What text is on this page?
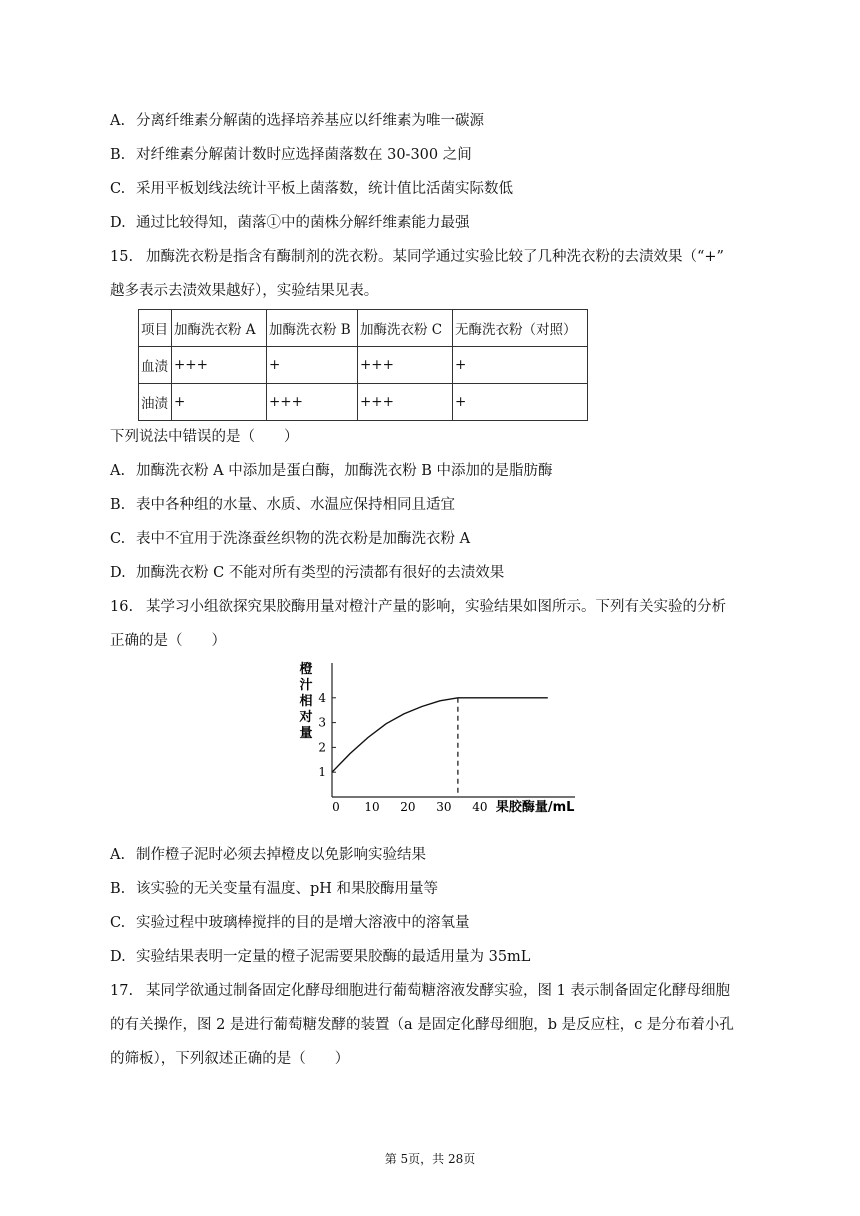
A. 分离纤维素分解菌的选择培养基应以纤维素为唯一碳源
B. 对纤维素分解菌计数时应选择菌落数在 30-300 之间
C. 采用平板划线法统计平板上菌落数，统计值比活菌实际数低
D. 通过比较得知，菌落①中的菌株分解纤维素能力最强
15. 加酶洗衣粉是指含有酶制剂的洗衣粉。某同学通过实验比较了几种洗衣粉的去渍效果（“+”
越多表示去渍效果越好），实验结果见表。
项目	加酶洗衣粉 A	加酶洗衣粉 B	加酶洗衣粉 C	无酶洗衣粉（对照）
血渍	+++	+	+++	+
油渍	+	+++	+++	+
下列说法中错误的是（　　）
A. 加酶洗衣粉 A 中添加是蛋白酶，加酶洗衣粉 B 中添加的是脂肪酶
B. 表中各种组的水量、水质、水温应保持相同且适宜
C. 表中不宜用于洗涤蚕丝织物的洗衣粉是加酶洗衣粉 A
D. 加酶洗衣粉 C 不能对所有类型的污渍都有很好的去渍效果
16. 某学习小组欲探究果胶酶用量对橙汁产量的影响，实验结果如图所示。下列有关实验的分析
正确的是（　　）
橙
汁
相
对
量
1
2
3
4
0 10 20 30 40 果胶酶量/mL
A. 制作橙子泥时必须去掉橙皮以免影响实验结果
B. 该实验的无关变量有温度、pH 和果胶酶用量等
C. 实验过程中玻璃棒搅拌的目的是增大溶液中的溶氧量
D. 实验结果表明一定量的橙子泥需要果胶酶的最适用量为 35mL
17. 某同学欲通过制备固定化酵母细胞进行葡萄糖溶液发酵实验，图 1 表示制备固定化酵母细胞
的有关操作，图 2 是进行葡萄糖发酵的装置（a 是固定化酵母细胞，b 是反应柱，c 是分布着小孔
的筛板），下列叙述正确的是（　　）
第 5页，共 28页
